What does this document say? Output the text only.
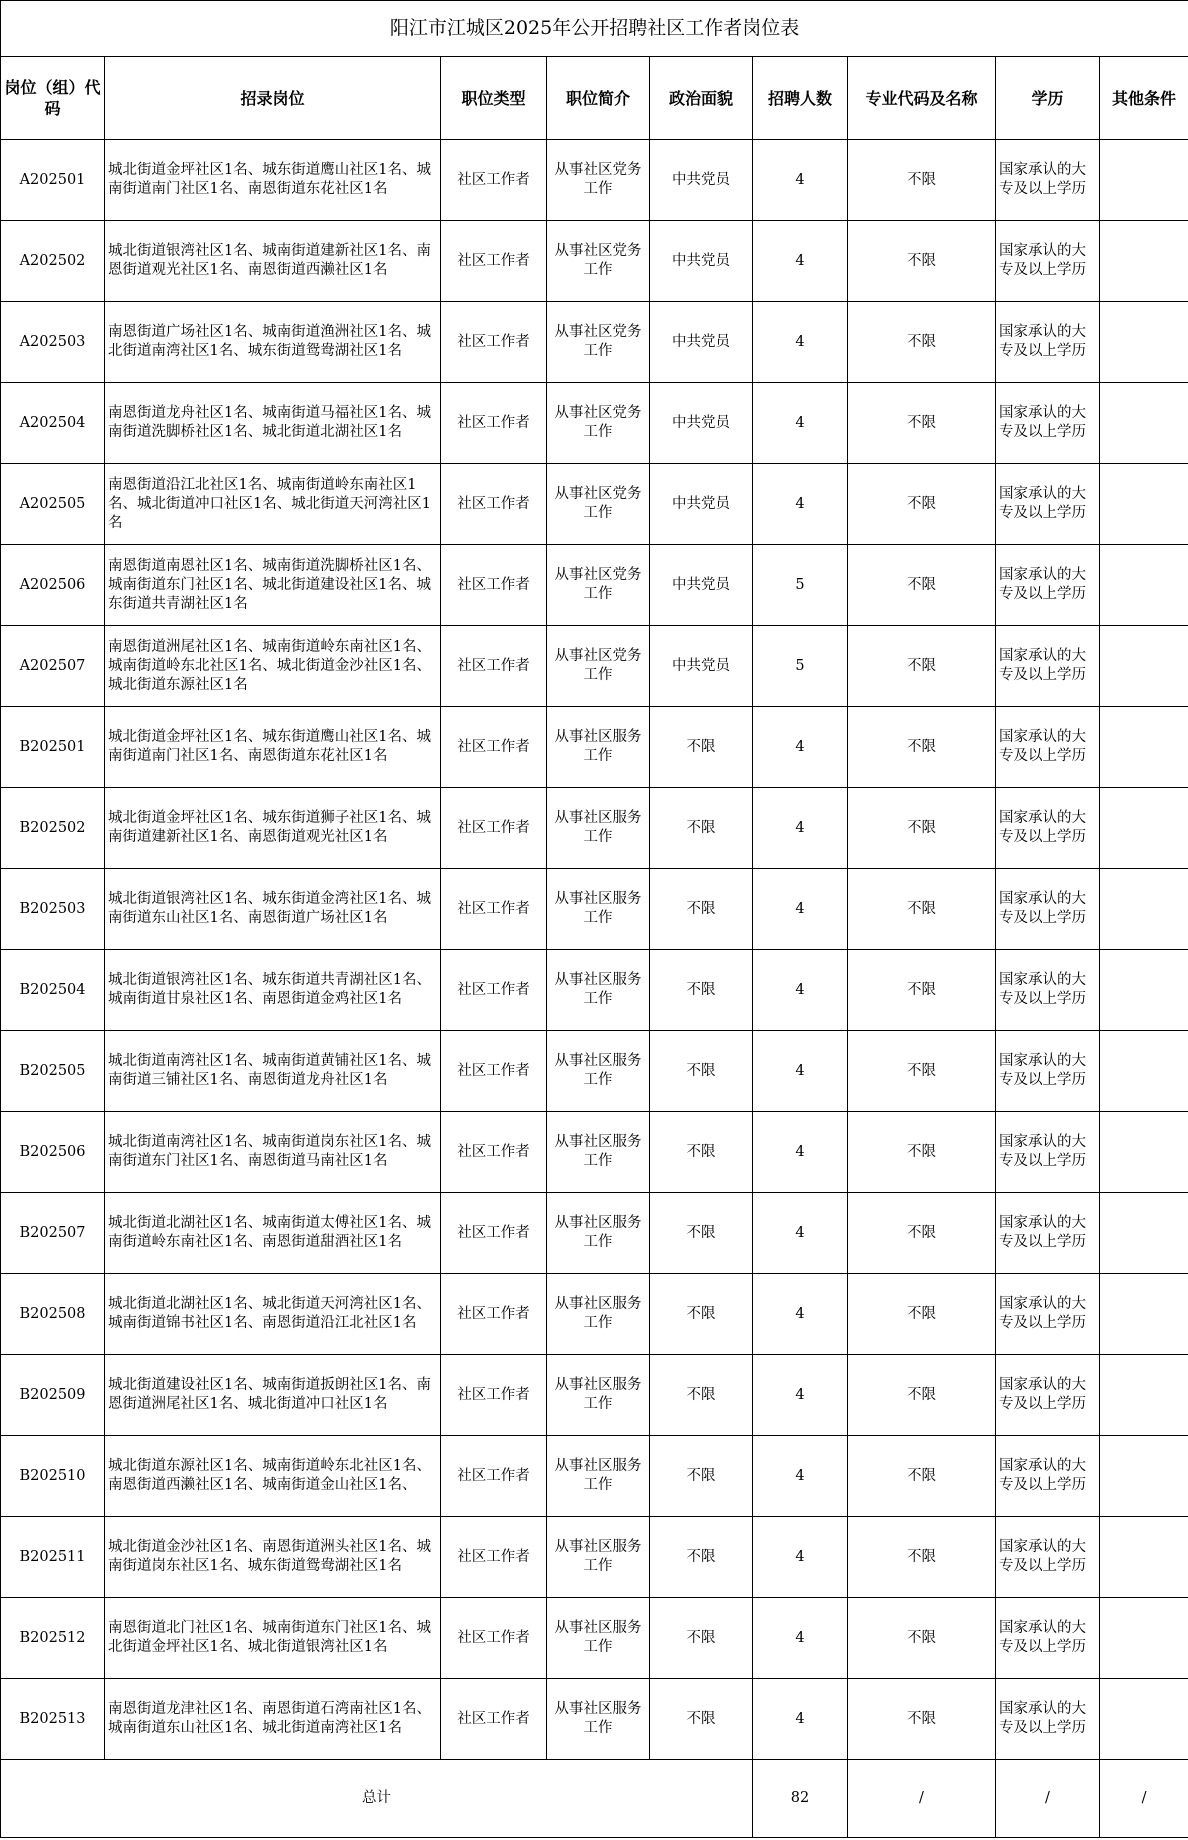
阳江市江城区2025年公开招聘社区工作者岗位表								
岗位（组）代码	招录岗位	职位类型	职位简介	政治面貌	招聘人数	专业代码及名称	学历	其他条件
A202501	城北街道金坪社区1名、城东街道鹰山社区1名、城南街道南门社区1名、南恩街道东花社区1名	社区工作者	从事社区党务工作	中共党员	4	不限	国家承认的大专及以上学历	
A202502	城北街道银湾社区1名、城南街道建新社区1名、南恩街道观光社区1名、南恩街道西濑社区1名	社区工作者	从事社区党务工作	中共党员	4	不限	国家承认的大专及以上学历	
A202503	南恩街道广场社区1名、城南街道渔洲社区1名、城北街道南湾社区1名、城东街道鸳鸯湖社区1名	社区工作者	从事社区党务工作	中共党员	4	不限	国家承认的大专及以上学历	
A202504	南恩街道龙舟社区1名、城南街道马福社区1名、城南街道洗脚桥社区1名、城北街道北湖社区1名	社区工作者	从事社区党务工作	中共党员	4	不限	国家承认的大专及以上学历	
A202505	南恩街道沿江北社区1名、城南街道岭东南社区1名、城北街道冲口社区1名、城北街道天河湾社区1名	社区工作者	从事社区党务工作	中共党员	4	不限	国家承认的大专及以上学历	
A202506	南恩街道南恩社区1名、城南街道洗脚桥社区1名、城南街道东门社区1名、城北街道建设社区1名、城东街道共青湖社区1名	社区工作者	从事社区党务工作	中共党员	5	不限	国家承认的大专及以上学历	
A202507	南恩街道洲尾社区1名、城南街道岭东南社区1名、城南街道岭东北社区1名、城北街道金沙社区1名、城北街道东源社区1名	社区工作者	从事社区党务工作	中共党员	5	不限	国家承认的大专及以上学历	
B202501	城北街道金坪社区1名、城东街道鹰山社区1名、城南街道南门社区1名、南恩街道东花社区1名	社区工作者	从事社区服务工作	不限	4	不限	国家承认的大专及以上学历	
B202502	城北街道金坪社区1名、城东街道狮子社区1名、城南街道建新社区1名、南恩街道观光社区1名	社区工作者	从事社区服务工作	不限	4	不限	国家承认的大专及以上学历	
B202503	城北街道银湾社区1名、城东街道金湾社区1名、城南街道东山社区1名、南恩街道广场社区1名	社区工作者	从事社区服务工作	不限	4	不限	国家承认的大专及以上学历	
B202504	城北街道银湾社区1名、城东街道共青湖社区1名、城南街道甘泉社区1名、南恩街道金鸡社区1名	社区工作者	从事社区服务工作	不限	4	不限	国家承认的大专及以上学历	
B202505	城北街道南湾社区1名、城南街道黄铺社区1名、城南街道三铺社区1名、南恩街道龙舟社区1名	社区工作者	从事社区服务工作	不限	4	不限	国家承认的大专及以上学历	
B202506	城北街道南湾社区1名、城南街道岗东社区1名、城南街道东门社区1名、南恩街道马南社区1名	社区工作者	从事社区服务工作	不限	4	不限	国家承认的大专及以上学历	
B202507	城北街道北湖社区1名、城南街道太傅社区1名、城南街道岭东南社区1名、南恩街道甜酒社区1名	社区工作者	从事社区服务工作	不限	4	不限	国家承认的大专及以上学历	
B202508	城北街道北湖社区1名、城北街道天河湾社区1名、城南街道锦书社区1名、南恩街道沿江北社区1名	社区工作者	从事社区服务工作	不限	4	不限	国家承认的大专及以上学历	
B202509	城北街道建设社区1名、城南街道扳朗社区1名、南恩街道洲尾社区1名、城北街道冲口社区1名	社区工作者	从事社区服务工作	不限	4	不限	国家承认的大专及以上学历	
B202510	城北街道东源社区1名、城南街道岭东北社区1名、南恩街道西濑社区1名、城南街道金山社区1名、	社区工作者	从事社区服务工作	不限	4	不限	国家承认的大专及以上学历	
B202511	城北街道金沙社区1名、南恩街道洲头社区1名、城南街道岗东社区1名、城东街道鸳鸯湖社区1名	社区工作者	从事社区服务工作	不限	4	不限	国家承认的大专及以上学历	
B202512	南恩街道北门社区1名、城南街道东门社区1名、城北街道金坪社区1名、城北街道银湾社区1名	社区工作者	从事社区服务工作	不限	4	不限	国家承认的大专及以上学历	
B202513	南恩街道龙津社区1名、南恩街道石湾南社区1名、城南街道东山社区1名、城北街道南湾社区1名	社区工作者	从事社区服务工作	不限	4	不限	国家承认的大专及以上学历	
总计					82	/	/	/
